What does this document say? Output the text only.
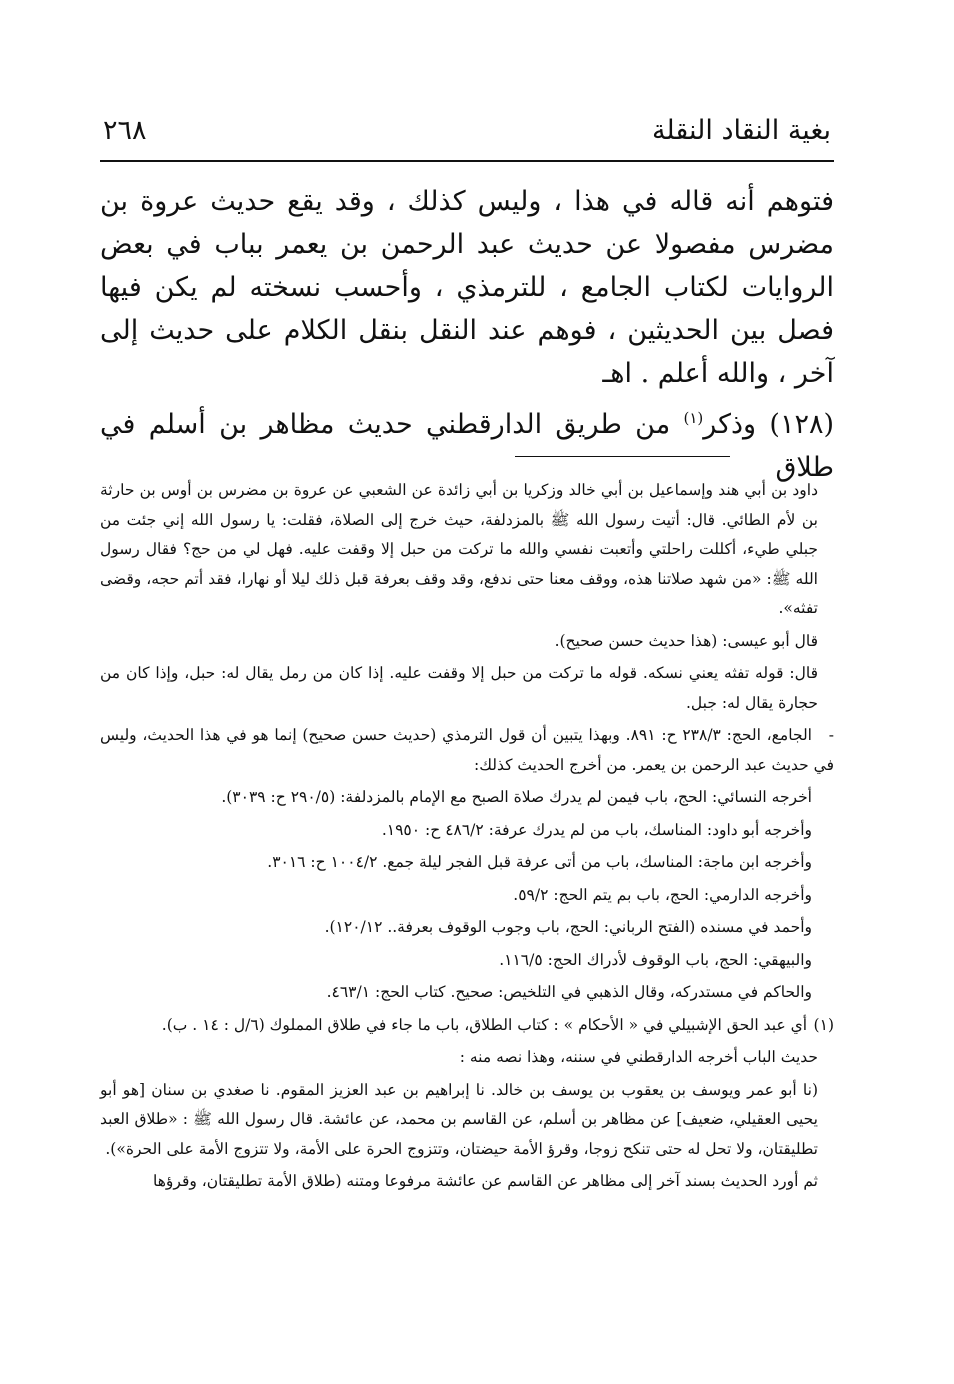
بغية النقاد النقلة
٢٦٨

فتوهم أنه قاله في هذا ، وليس كذلك ، وقد يقع حديث عروة بن مضرس مفصولا عن حديث عبد الرحمن بن يعمر بباب في بعض الروايات لكتاب الجامع ، للترمذي ، وأحسب نسخته لم يكن فيها فصل بين الحديثين ، فوهم عند النقل بنقل الكلام على حديث إلى آخر ، والله أعلم . اهـ

(١٢٨) وذكر$^{(١)}$ من طريق الدارقطني حديث مظاهر بن أسلم في طلاق

داود بن أبي هند وإسماعيل بن أبي خالد وزكريا بن أبي زائدة عن الشعبي عن عروة بن مضرس بن أوس بن حارثة بن لأم الطائي. قال: أتيت رسول الله ﷺ بالمزدلفة، حيث خرج إلى الصلاة، فقلت: يا رسول الله إني جئت من جبلي طيء، أكللت راحلتي وأتعبت نفسي والله ما تركت من حبل إلا وقفت عليه. فهل لي من حج؟ فقال رسول الله ﷺ: «من شهد صلاتنا هذه، ووقف معنا حتى ندفع، وقد وقف بعرفة قبل ذلك ليلا أو نهارا، فقد أتم حجه، وقضى تفثه».

قال أبو عيسى: (هذا حديث حسن صحيح).

قال: قوله تفثه يعني نسكه. قوله ما تركت من حبل إلا وقفت عليه. إذا كان من رمل يقال له: حبل، وإذا كان من حجارة يقال له: جبل.

-الجامع، الحج: ٢٣٨/٣ ح: ٨٩١. وبهذا يتبين أن قول الترمذي (حديث حسن صحيح) إنما هو في هذا الحديث، وليس في حديث عبد الرحمن بن يعمر. من أخرج الحديث كذلك:

أخرجه النسائي: الحج، باب فيمن لم يدرك صلاة الصبح مع الإمام بالمزدلفة: (٢٩٠/٥ ح: ٣٠٣٩).

وأخرجه أبو داود: المناسك، باب من لم يدرك عرفة: ٤٨٦/٢ ح: ١٩٥٠.

وأخرجه ابن ماجة: المناسك، باب من أتى عرفة قبل الفجر ليلة جمع. ١٠٠٤/٢ ح: ٣٠١٦.

وأخرجه الدارمي: الحج، باب بم يتم الحج: ٥٩/٢.

وأحمد في مسنده (الفتح الرباني: الحج، باب وجوب الوقوف بعرفة.. ١٢٠/١٢).

والبيهقي: الحج، باب الوقوف لأدراك الحج: ١١٦/٥.

والحاكم في مستدركه، وقال الذهبي في التلخيص: صحيح. كتاب الحج: ٤٦٣/١.

(١) أي عبد الحق الإشبيلي في « الأحكام » : كتاب الطلاق، باب ما جاء في طلاق المملوك (٦/ل : ١٤ . ب).

حديث الباب أخرجه الدارقطني في سننه، وهذا نصه منه :

(نا أبو عمر ويوسف بن يعقوب بن يوسف بن خالد. نا إبراهيم بن عبد العزيز المقوم. نا صغدي بن سنان [هو أبو يحيى العقيلي، ضعيف] عن مظاهر بن أسلم، عن القاسم بن محمد، عن عائشة. قال رسول الله ﷺ : «طلاق العبد تطليقتان، ولا تحل له حتى تنكح زوجا، وقرؤ الأمة حيضتان، وتتزوج الحرة على الأمة، ولا تتزوج الأمة على الحرة»).

ثم أورد الحديث بسند آخر إلى مظاهر عن القاسم عن عائشة مرفوعا ومتنه (طلاق الأمة تطليقتان، وقرؤها
